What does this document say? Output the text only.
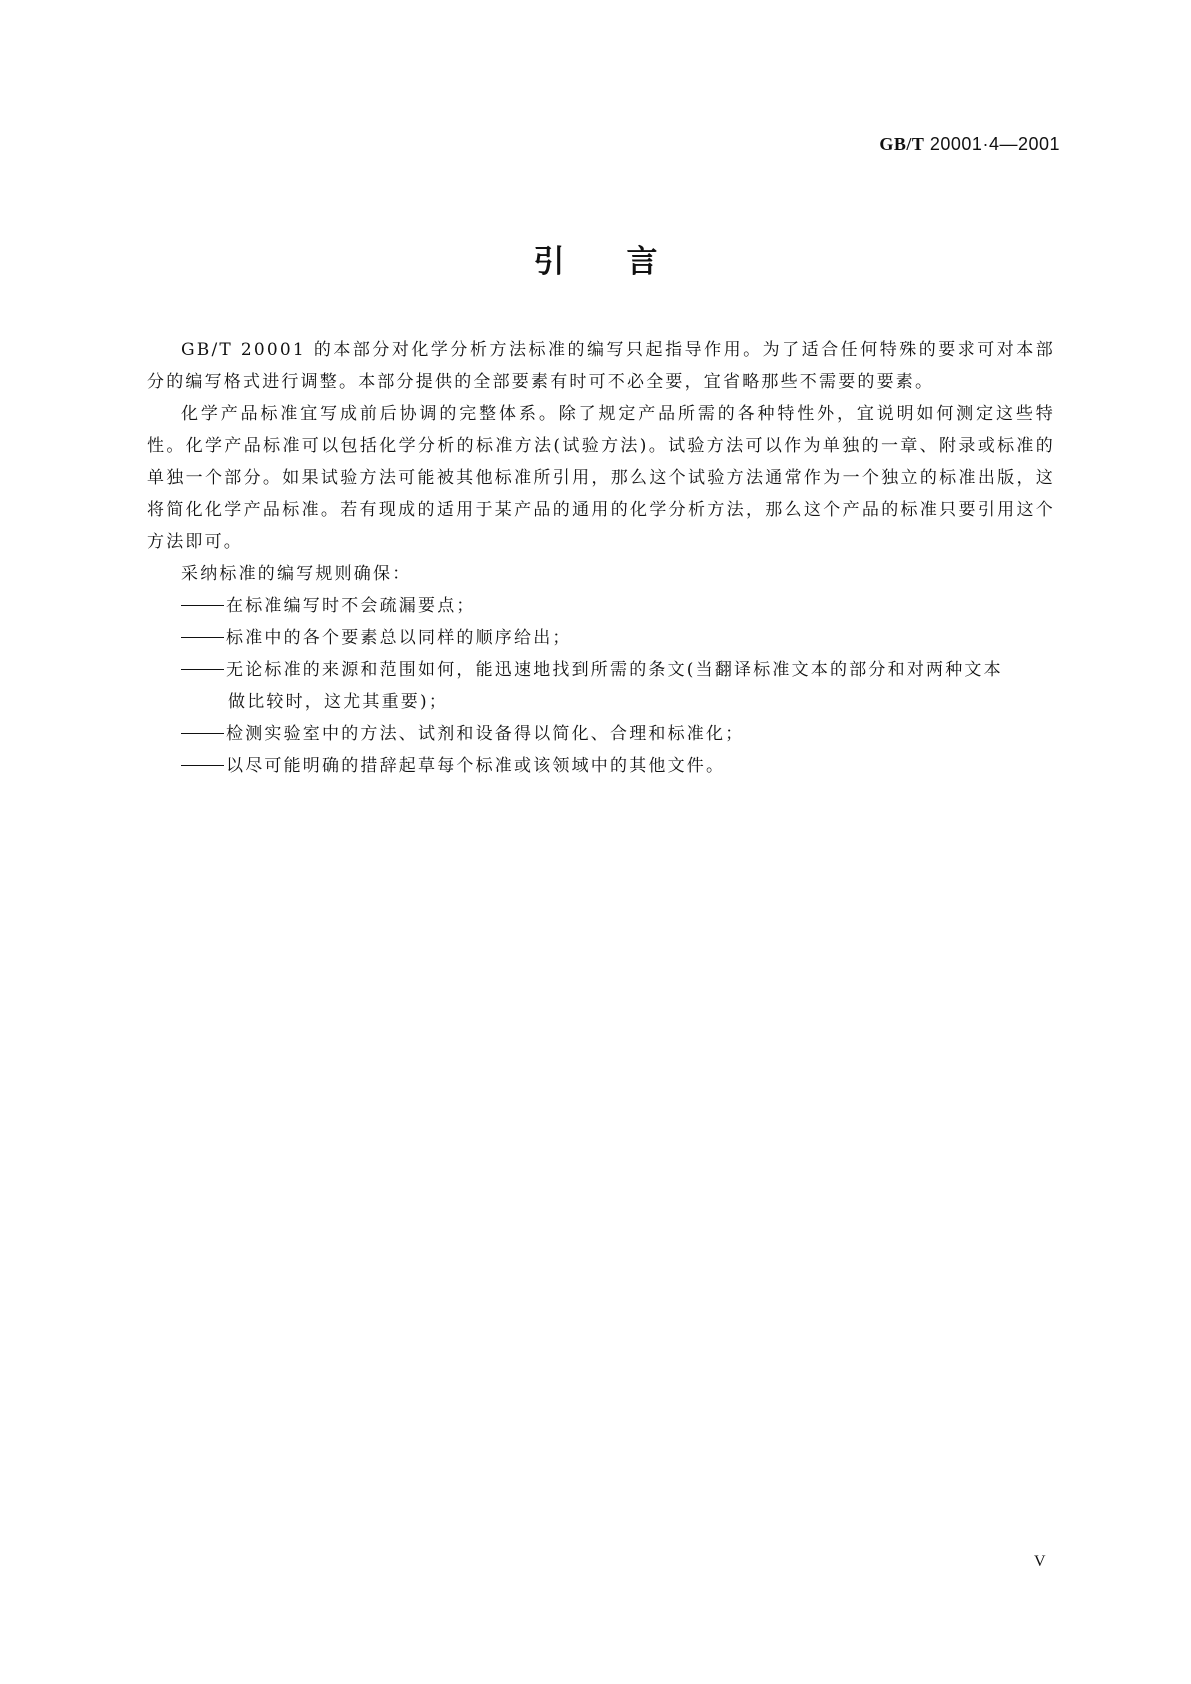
GB/T 20001·4—2001
引言

GB/T 20001 的本部分对化学分析方法标准的编写只起指导作用。为了适合任何特殊的要求可对本部分的编写格式进行调整。本部分提供的全部要素有时可不必全要，宜省略那些不需要的要素。

化学产品标准宜写成前后协调的完整体系。除了规定产品所需的各种特性外，宜说明如何测定这些特性。化学产品标准可以包括化学分析的标准方法(试验方法)。试验方法可以作为单独的一章、附录或标准的单独一个部分。如果试验方法可能被其他标准所引用，那么这个试验方法通常作为一个独立的标准出版，这将简化化学产品标准。若有现成的适用于某产品的通用的化学分析方法，那么这个产品的标准只要引用这个方法即可。

采纳标准的编写规则确保：

在标准编写时不会疏漏要点；
标准中的各个要素总以同样的顺序给出；
无论标准的来源和范围如何，能迅速地找到所需的条文(当翻译标准文本的部分和对两种文本
做比较时，这尤其重要)；
检测实验室中的方法、试剂和设备得以简化、合理和标准化；
以尽可能明确的措辞起草每个标准或该领域中的其他文件。
V
